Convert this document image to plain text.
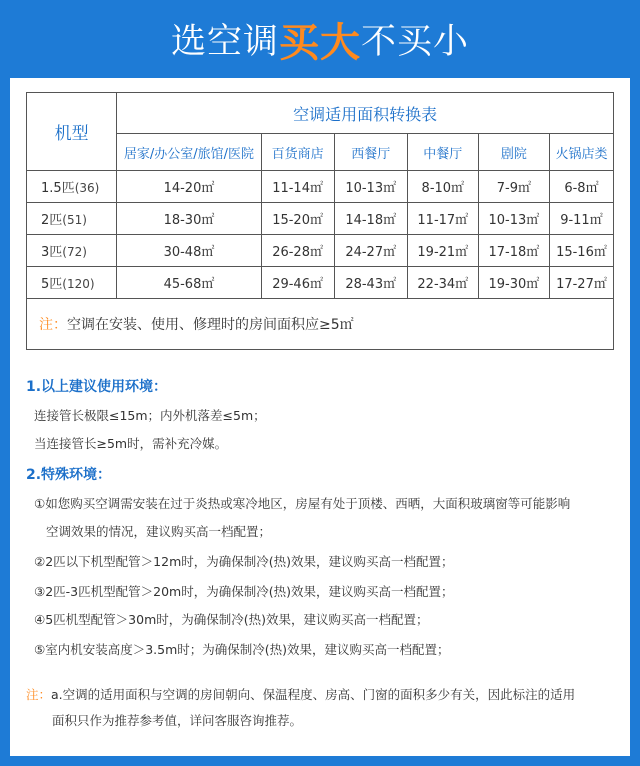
选空调 买大 不买小
机型	空调适用面积转换表					
	居家/办公室/旅馆/医院	百货商店	西餐厅	中餐厅	剧院	火锅店类
1.5匹(36)	14-20㎡	11-14㎡	10-13㎡	8-10㎡	7-9㎡	6-8㎡
2匹(51)	18-30㎡	15-20㎡	14-18㎡	11-17㎡	10-13㎡	9-11㎡
3匹(72)	30-48㎡	26-28㎡	24-27㎡	19-21㎡	17-18㎡	15-16㎡
5匹(120)	45-68㎡	29-46㎡	28-43㎡	22-34㎡	19-30㎡	17-27㎡
注：空调在安装、使用、修理时的房间面积应≥5㎡						
1.以上建议使用环境：
连接管长极限≤15m；内外机落差≤5m；
当连接管长≥5m时，需补充冷媒。
2.特殊环境：
①如您购买空调需安装在过于炎热或寒冷地区，房屋有处于顶楼、西晒，大面积玻璃窗等可能影响
空调效果的情况，建议购买高一档配置；
②2匹以下机型配管＞12m时，为确保制冷(热)效果，建议购买高一档配置；
③2匹-3匹机型配管＞20m时，为确保制冷(热)效果，建议购买高一档配置；
④5匹机型配管＞30m时，为确保制冷(热)效果，建议购买高一档配置；
⑤室内机安装高度＞3.5m时；为确保制冷(热)效果，建议购买高一档配置；
注：a.空调的适用面积与空调的房间朝向、保温程度、房高、门窗的面积多少有关，因此标注的适用
面积只作为推荐参考值，详问客服咨询推荐。
